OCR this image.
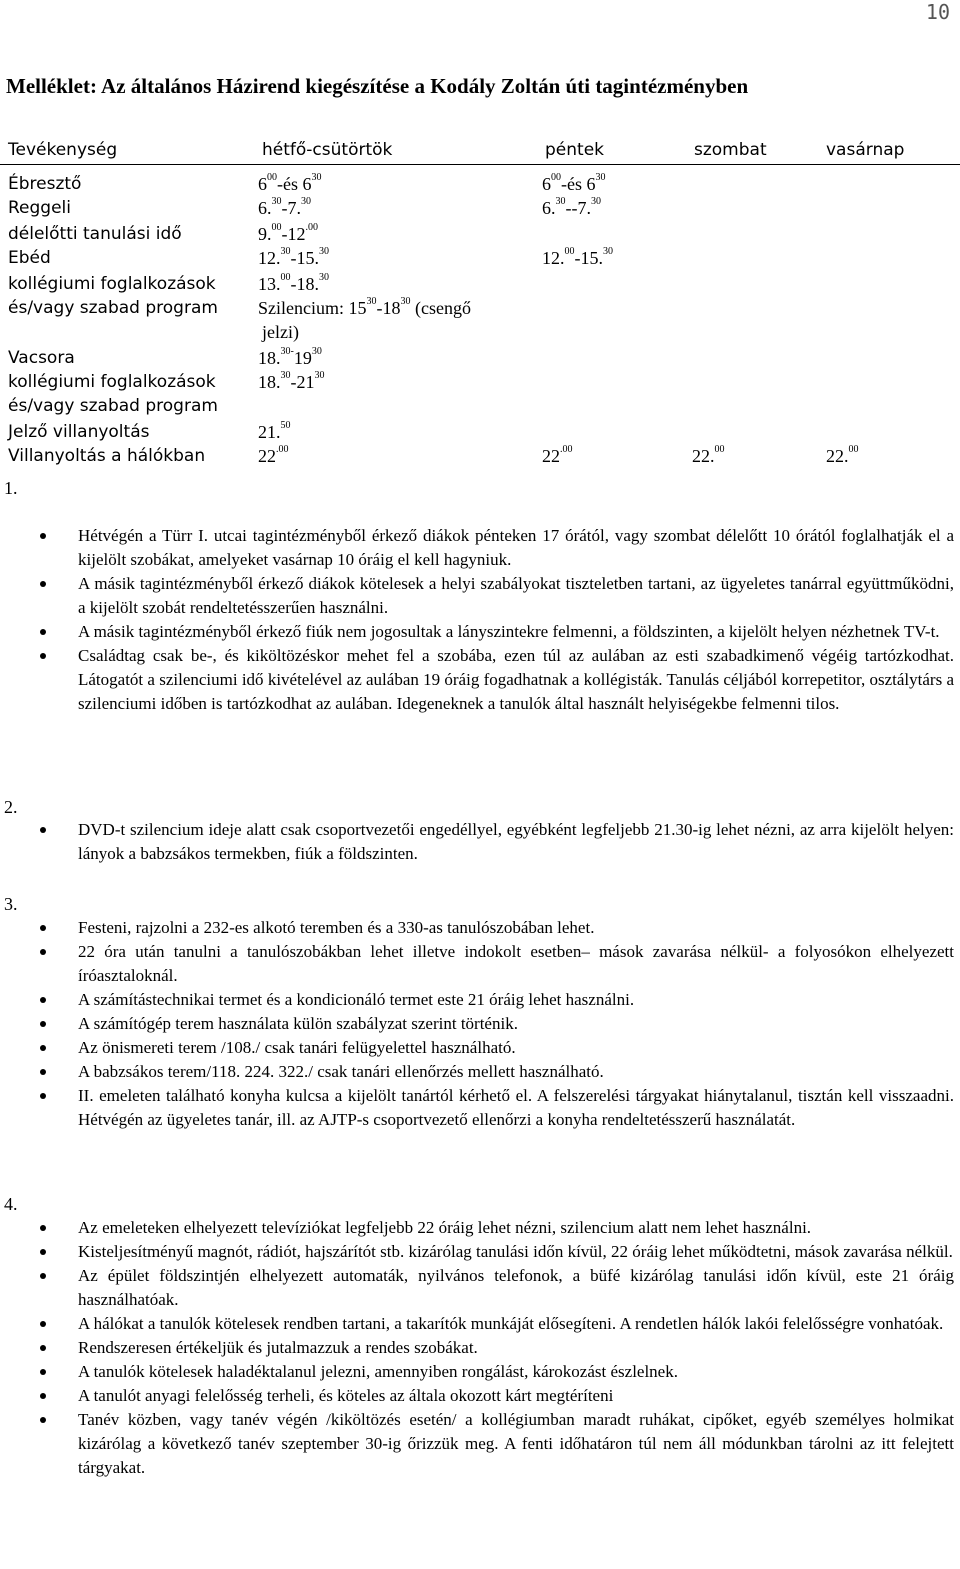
10
Melléklet: Az általános Házirend kiegészítése a Kodály Zoltán úti tagintézményben
Tevékenység	hétfő-csütörtök	péntek	szombat	vasárnap
Ébresztő	$6^{00}-és$ $6^{30}$	$6^{00}-és$ $6^{30}$
Reggeli	6.30-7.30	6.30--7.30
délelőtti tanulási idő	$9.00-12^{.00}$
Ebéd	12.30-15.30	12.00-15.30
kollégiumi foglalkozások 13.00-18.30
és/vagy szabad program Szilencium: $15^{30}-18^{30}$ (csengő
jelzi)
Vacsora	$18.^{30-}19^{30}$
kollégiumi foglalkozások $18.30-21^{30}$
és/vagy szabad program
Jelző villanyoltás	21.50
Villanyoltás a hálókban	$22^{.00}$	$22^{.00}$	22.00	22.00
1.
Hétvégén a Türr I. utcai tagintézményből érkező diákok pénteken 17 órától, vagy szombat délelőtt 10 órától foglalhatják el a kijelölt szobákat, amelyeket vasárnap 10 óráig el kell hagyniuk.
A másik tagintézményből érkező diákok kötelesek a helyi szabályokat tiszteletben tartani, az ügyeletes tanárral együttműködni, a kijelölt szobát rendeltetésszerűen használni.
A másik tagintézményből érkező fiúk nem jogosultak a lányszintekre felmenni, a földszinten, a kijelölt helyen nézhetnek TV-t.
Családtag csak be-, és kiköltözéskor mehet fel a szobába, ezen túl az aulában az esti szabadkimenő végéig tartózkodhat. Látogatót a szilenciumi idő kivételével az aulában 19 óráig fogadhatnak a kollégisták. Tanulás céljából korrepetitor, osztálytárs a szilenciumi időben is tartózkodhat az aulában. Idegeneknek a tanulók által használt helyiségekbe felmenni tilos.
2.
DVD-t szilencium ideje alatt csak csoportvezetői engedéllyel, egyébként legfeljebb 21.30-ig lehet nézni, az arra kijelölt helyen: lányok a babzsákos termekben, fiúk a földszinten.
3.
Festeni, rajzolni a 232-es alkotó teremben és a 330-as tanulószobában lehet.
22 óra után tanulni a tanulószobákban lehet illetve indokolt esetben– mások zavarása nélkül- a folyosókon elhelyezett íróasztaloknál.
A számítástechnikai termet és a kondicionáló termet este 21 óráig lehet használni.
A számítógép terem használata külön szabályzat szerint történik.
Az önismereti terem /108./ csak tanári felügyelettel használható.
A babzsákos terem/118. 224. 322./ csak tanári ellenőrzés mellett használható.
II. emeleten található konyha kulcsa a kijelölt tanártól kérhető el. A felszerelési tárgyakat hiánytalanul, tisztán kell visszaadni. Hétvégén az ügyeletes tanár, ill. az AJTP-s csoportvezető ellenőrzi a konyha rendeltetésszerű használatát.
4.
Az emeleteken elhelyezett televíziókat legfeljebb 22 óráig lehet nézni, szilencium alatt nem lehet használni.
Kisteljesítményű magnót, rádiót, hajszárítót stb. kizárólag tanulási időn kívül, 22 óráig lehet működtetni, mások zavarása nélkül.
Az épület földszintjén elhelyezett automaták, nyilvános telefonok, a büfé kizárólag tanulási időn kívül, este 21 óráig használhatóak.
A hálókat a tanulók kötelesek rendben tartani, a takarítók munkáját elősegíteni. A rendetlen hálók lakói felelősségre vonhatóak.
Rendszeresen értékeljük és jutalmazzuk a rendes szobákat.
A tanulók kötelesek haladéktalanul jelezni, amennyiben rongálást, károkozást észlelnek.
A tanulót anyagi felelősség terheli, és köteles az általa okozott kárt megtéríteni
Tanév közben, vagy tanév végén /kiköltözés esetén/ a kollégiumban maradt ruhákat, cipőket, egyéb személyes holmikat kizárólag a következő tanév szeptember 30-ig őrizzük meg. A fenti időhatáron túl nem áll módunkban tárolni az itt felejtett tárgyakat.
